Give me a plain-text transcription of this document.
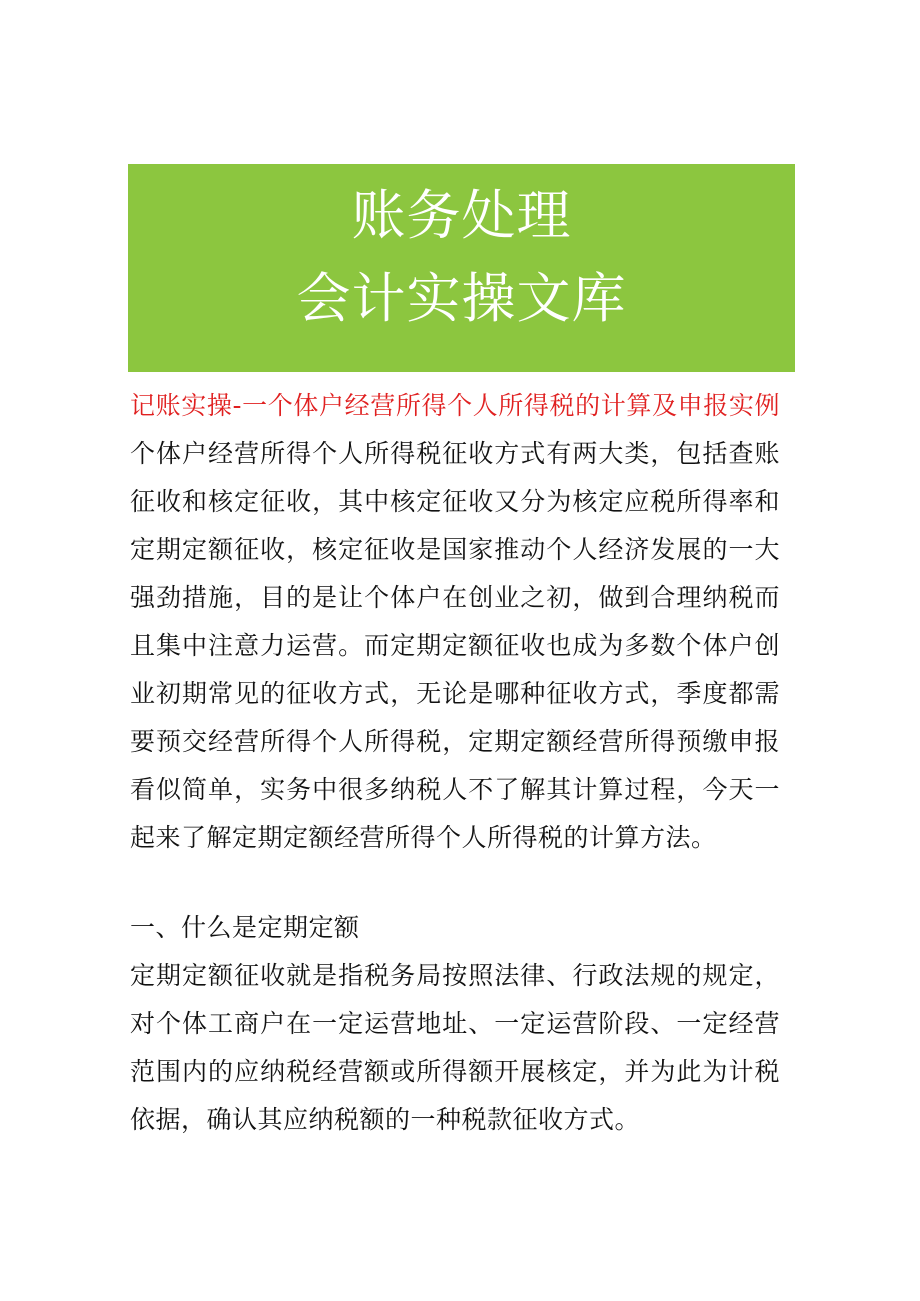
账务处理
会计实操文库

记账实操-一个体户经营所得个人所得税的计算及申报实例个体户经营所得个人所得税征收方式有两大类，包括查账征收和核定征收，其中核定征收又分为核定应税所得率和定期定额征收，核定征收是国家推动个人经济发展的一大强劲措施，目的是让个体户在创业之初，做到合理纳税而且集中注意力运营。而定期定额征收也成为多数个体户创业初期常见的征收方式，无论是哪种征收方式，季度都需要预交经营所得个人所得税，定期定额经营所得预缴申报看似简单，实务中很多纳税人不了解其计算过程，今天一起来了解定期定额经营所得个人所得税的计算方法。

一、什么是定期定额

定期定额征收就是指税务局按照法律、行政法规的规定，对个体工商户在一定运营地址、一定运营阶段、一定经营范围内的应纳税经营额或所得额开展核定，并为此为计税依据，确认其应纳税额的一种税款征收方式。
